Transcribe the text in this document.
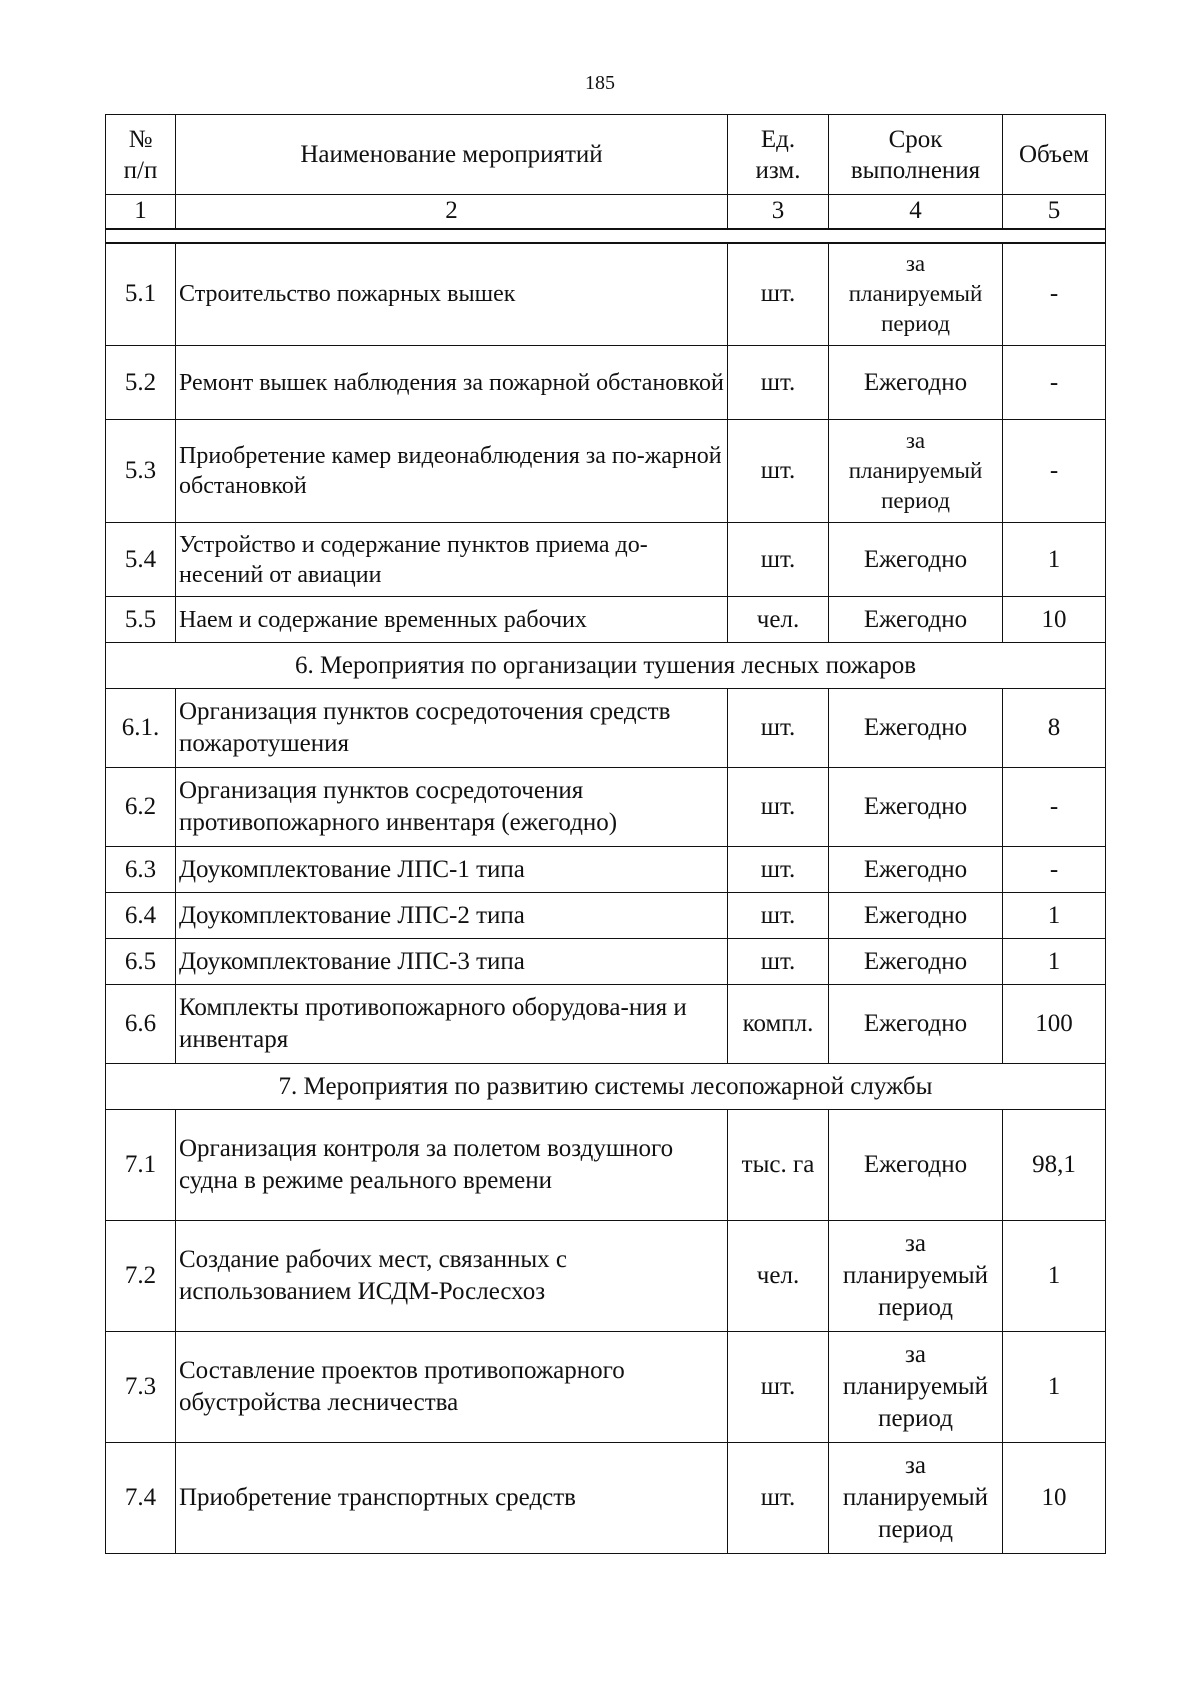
185
№
п/п	Наименование мероприятий	Ед.
изм.	Срок
выполнения	Объем
1	2	3	4	5

5.1	Строительство пожарных вышек	шт.	за
планируемый
период	-
5.2	Ремонт вышек наблюдения за пожарной обстановкой	шт.	Ежегодно	-
5.3	Приобретение камер видеонаблюдения за по-жарной обстановкой	шт.	за
планируемый
период	-
5.4	Устройство и содержание пунктов приема до-несений от авиации	шт.	Ежегодно	1
5.5	Наем и содержание временных рабочих	чел.	Ежегодно	10
6. Мероприятия по организации тушения лесных пожаров				
6.1.	Организация пунктов сосредоточения средств пожаротушения	шт.	Ежегодно	8
6.2	Организация пунктов сосредоточения противопожарного инвентаря (ежегодно)	шт.	Ежегодно	-
6.3	Доукомплектование ЛПС-1 типа	шт.	Ежегодно	-
6.4	Доукомплектование ЛПС-2 типа	шт.	Ежегодно	1
6.5	Доукомплектование ЛПС-3 типа	шт.	Ежегодно	1
6.6	Комплекты противопожарного оборудова-ния и инвентаря	компл.	Ежегодно	100
7. Мероприятия по развитию системы лесопожарной службы				
7.1	Организация контроля за полетом воздушного судна в режиме реального времени	тыс. га	Ежегодно	98,1
7.2	Создание рабочих мест, связанных с использованием ИСДМ-Рослесхоз	чел.	за
планируемый
период	1
7.3	Составление проектов противопожарного обустройства лесничества	шт.	за
планируемый
период	1
7.4	Приобретение транспортных средств	шт.	за
планируемый
период	10
